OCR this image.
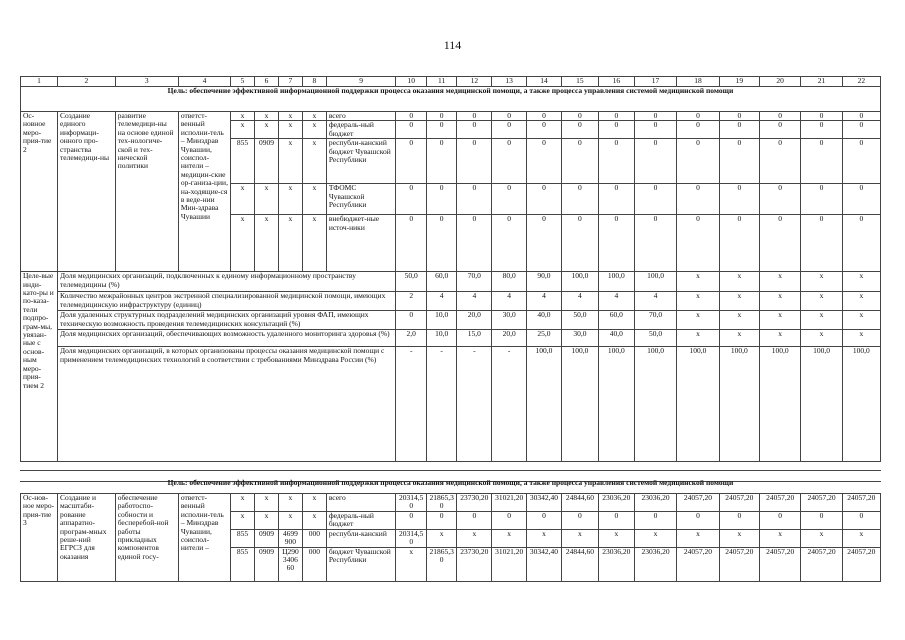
114
1	2	3	4	5	6	7	8	9	10	11	12	13	14	15	16	17	18	19	20	21	22
Цель: обеспечение эффективной информационной поддержки процесса оказания медицинской помощи, а также процесса управления системой медицинской помощи																					
Ос-новное меро-прия-тие 2	Создание единого информаци-онного про-странства телемедици-ны	развитие телемедици-ны на основе единой тех-нологиче-ской и тех-нической политики	ответст-венный исполни-тель – Минздрав Чувашии, соиспол-нители – медицин-ские ор-ганиза-ции, на-ходящие-ся в веде-нии Мин-здрава Чувашии	x	x	x	x	всего	0	0	0	0	0	0	0	0	0	0	0	0	0
				x	x	x	x	федераль-ный бюджет	0	0	0	0	0	0	0	0	0	0	0	0	0
				855	0909	x	x	республи-канский бюджет Чувашской Республики	0	0	0	0	0	0	0	0	0	0	0	0	0
				x	x	x	x	ТФОМС Чувашской Республики	0	0	0	0	0	0	0	0	0	0	0	0	0
				x	x	x	x	внебюджет-ные источ-ники	0	0	0	0	0	0	0	0	0	0	0	0	0
Целе-вые инди-като-ры и по-каза-тели подпро-грам-мы, увязан-ные с основ-ным меро-прия-тием 2	Доля медицинских организаций, подключенных к единому информационному пространству телемедицины (%)								50,0	60,0	70,0	80,0	90,0	100,0	100,0	100,0	x	x	x	x	x
	Количество межрайонных центров экстренной специализированной медицинской помощи, имеющих телемедицинскую инфраструктуру (единиц)								2	4	4	4	4	4	4	4	x	x	x	x	x
	Доля удаленных структурных подразделений медицинских организаций уровня ФАП, имеющих техническую возможность проведения телемедицинских консультаций (%)								0	10,0	20,0	30,0	40,0	50,0	60,0	70,0	x	x	x	x	x
	Доля медицинских организаций, обеспечивающих возможность удаленного мониторинга здоровья (%)								2,0	10,0	15,0	20,0	25,0	30,0	40,0	50,0	x	x	x	x	x
	Доля медицинских организаций, в которых организованы процессы оказания медицинской помощи с применением телемедицинских технологий в соответствии с требованиями Минздрава России (%)								-	-	-	-	100,0	100,0	100,0	100,0	100,0	100,0	100,0	100,0	100,0
Цель: обеспечение эффективной информационной поддержки процесса оказания медицинской помощи, а также процесса управления системой медицинской помощи
Ос-нов-ное меро-прия-тие 3	Создание и масштаби-рование аппаратно-програм-мных реше-ний ЕГРСЗ для оказания	обеспечение работоспо-собности и бесперебой-ной работы прикладных компонентов единой госу-	ответст-венный исполни-тель – Минздрав Чувашии, соиспол-нители –	x	x	x	x	всего	20314,50	21865,30	23730,20	31021,20	30342,40	24844,60	23036,20	23036,20	24057,20	24057,20	24057,20	24057,20	24057,20
				x	x	x	x	федераль-ный бюджет	0	0	0	0	0	0	0	0	0	0	0	0	0
				855	0909	4699 900	000	республи-канский	20314,50	x	x	x	x	x	x	x	x	x	x	x	x
				855	0909	Ц290 3406 60	000	бюджет Чувашской Республики	x	21865,30	23730,20	31021,20	30342,40	24844,60	23036,20	23036,20	24057,20	24057,20	24057,20	24057,20	24057,20
